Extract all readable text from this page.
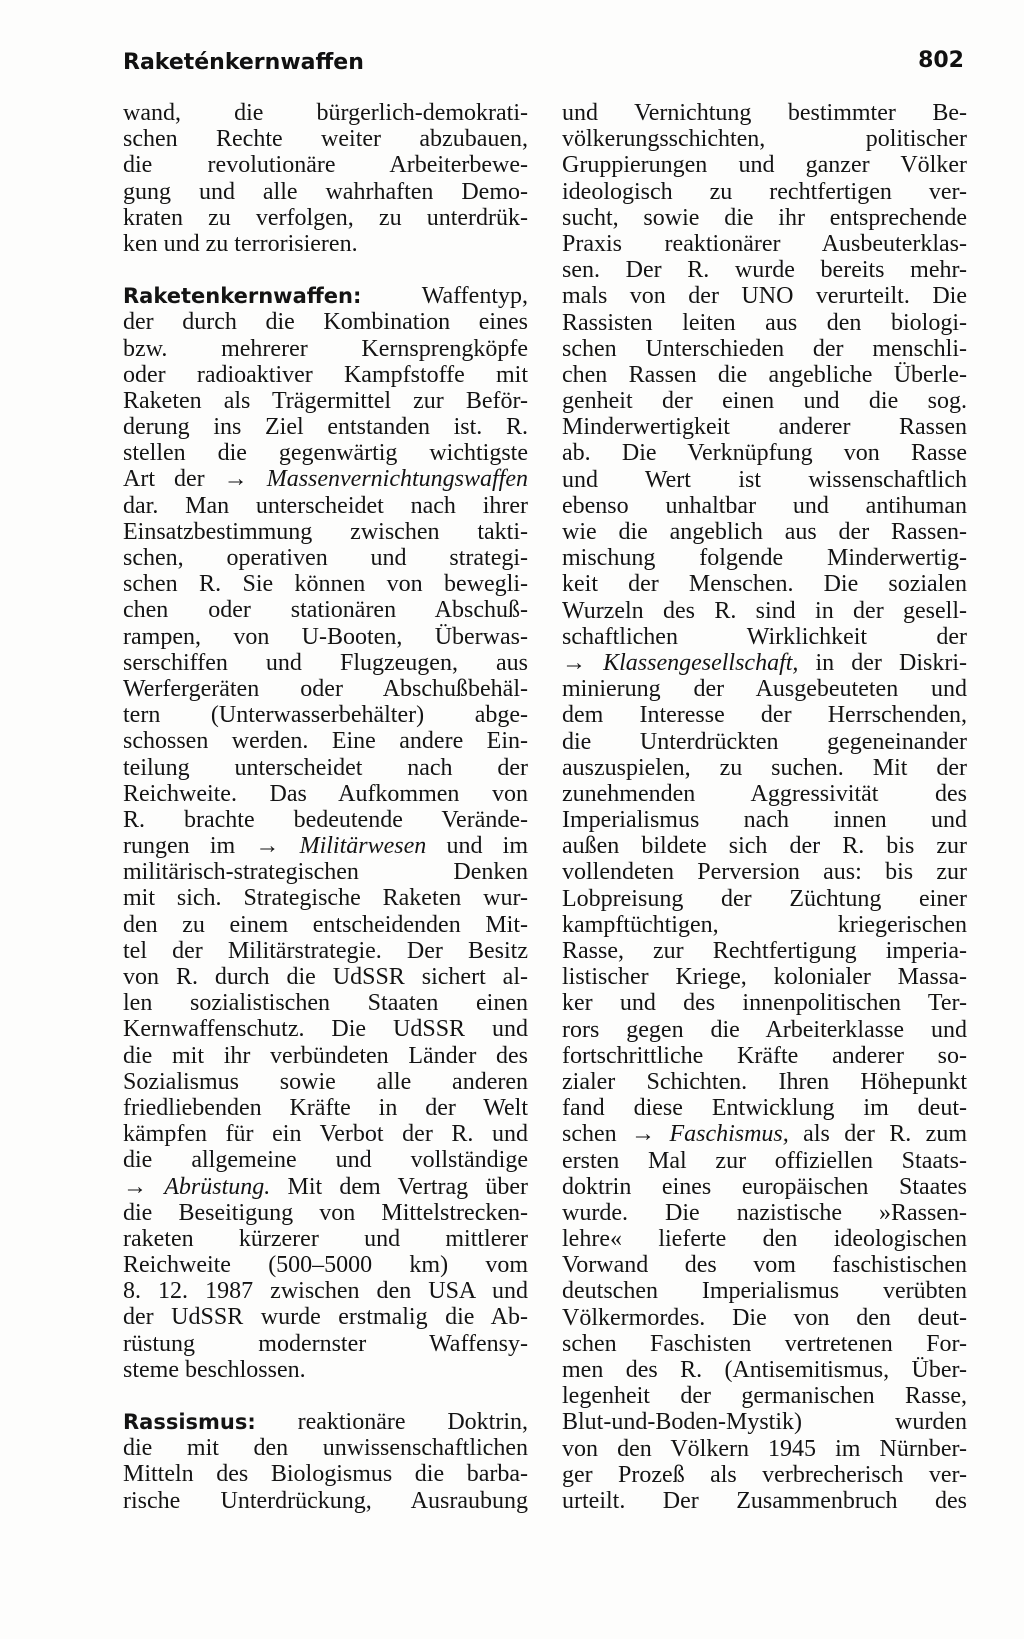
Raketénkernwaffen	802

wand, die bürgerlich-demokrati-
schen Rechte weiter abzubauen,
die revolutionäre Arbeiterbewe-
gung und alle wahrhaften Demo-
kraten zu verfolgen, zu unterdrük-
ken und zu terrorisieren.

Raketenkernwaffen:	Waffentyp,
der durch die Kombination eines
bzw. mehrerer Kernsprengköpfe
oder radioaktiver Kampfstoffe mit
Raketen als Trägermittel zur Beför-
derung ins Ziel entstanden ist. R.
stellen die gegenwärtig wichtigste
Art der → Massenvernichtungswaffen
dar. Man unterscheidet nach ihrer
Einsatzbestimmung zwischen takti-
schen, operativen und strategi-
schen R. Sie können von bewegli-
chen oder stationären Abschuß-
rampen, von U-Booten, Überwas-
serschiffen und Flugzeugen, aus
Werfergeräten oder Abschußbehäl-
tern (Unterwasserbehälter) abge-
schossen werden. Eine andere Ein-
teilung unterscheidet nach der
Reichweite. Das Aufkommen von
R. brachte bedeutende Verände-
rungen im → Militärwesen und im
militärisch-strategischen Denken
mit sich. Strategische Raketen wur-
den zu einem entscheidenden Mit-
tel der Militärstrategie. Der Besitz
von R. durch die UdSSR sichert al-
len sozialistischen Staaten einen
Kernwaffenschutz. Die UdSSR und
die mit ihr verbündeten Länder des
Sozialismus sowie alle anderen
friedliebenden Kräfte in der Welt
kämpfen für ein Verbot der R. und
die allgemeine und vollständige
→ Abrüstung. Mit dem Vertrag über
die Beseitigung von Mittelstrecken-
raketen kürzerer und mittlerer
Reichweite (500–5000 km) vom
8. 12. 1987 zwischen den USA und
der UdSSR wurde erstmalig die Ab-
rüstung modernster Waffensy-
steme beschlossen.

Rassismus: reaktionäre Doktrin,
die mit den unwissenschaftlichen
Mitteln des Biologismus die barba-
rische Unterdrückung, Ausraubung

und Vernichtung bestimmter Be-
völkerungsschichten, politischer
Gruppierungen und ganzer Völker
ideologisch zu rechtfertigen ver-
sucht, sowie die ihr entsprechende
Praxis reaktionärer Ausbeuterklas-
sen. Der R. wurde bereits mehr-
mals von der UNO verurteilt. Die
Rassisten leiten aus den biologi-
schen Unterschieden der menschli-
chen Rassen die angebliche Überle-
genheit der einen und die sog.
Minderwertigkeit anderer Rassen
ab. Die Verknüpfung von Rasse
und Wert ist wissenschaftlich
ebenso unhaltbar und antihuman
wie die angeblich aus der Rassen-
mischung folgende Minderwertig-
keit der Menschen. Die sozialen
Wurzeln des R. sind in der gesell-
schaftlichen Wirklichkeit der
→ Klassengesellschaft, in der Diskri-
minierung der Ausgebeuteten und
dem Interesse der Herrschenden,
die Unterdrückten gegeneinander
auszuspielen, zu suchen. Mit der
zunehmenden Aggressivität des
Imperialismus nach innen und
außen bildete sich der R. bis zur
vollendeten Perversion aus: bis zur
Lobpreisung der Züchtung einer
kampftüchtigen, kriegerischen
Rasse, zur Rechtfertigung imperia-
listischer Kriege, kolonialer Massa-
ker und des innenpolitischen Ter-
rors gegen die Arbeiterklasse und
fortschrittliche Kräfte anderer so-
zialer Schichten. Ihren Höhepunkt
fand diese Entwicklung im deut-
schen → Faschismus, als der R. zum
ersten Mal zur offiziellen Staats-
doktrin eines europäischen Staates
wurde. Die nazistische »Rassen-
lehre« lieferte den ideologischen
Vorwand des vom faschistischen
deutschen Imperialismus verübten
Völkermordes. Die von den deut-
schen Faschisten vertretenen For-
men des R. (Antisemitismus, Über-
legenheit der germanischen Rasse,
Blut-und-Boden-Mystik) wurden
von den Völkern 1945 im Nürnber-
ger Prozeß als verbrecherisch ver-
urteilt. Der Zusammenbruch des
